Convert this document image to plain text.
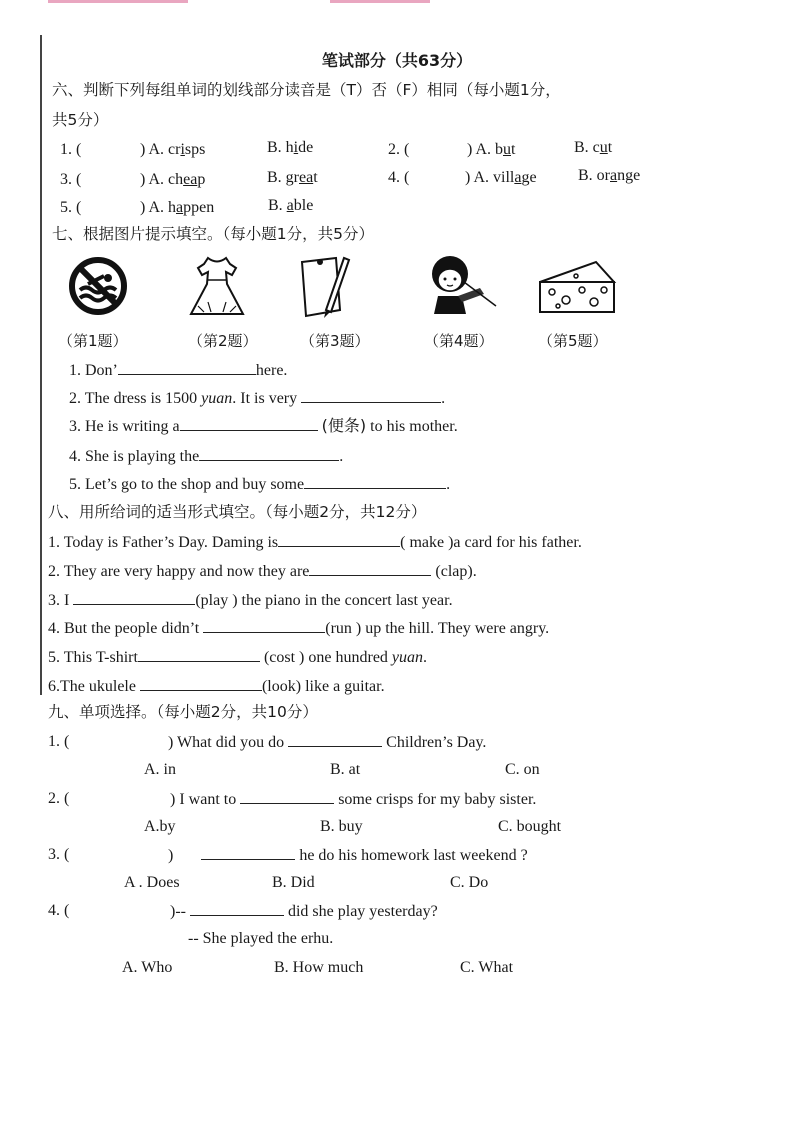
笔试部分（共63分）
六、判断下列每组单词的划线部分读音是（T）否（F）相同（每小题1分，
共5分）
1. (	) A. crisps	B. hide	2. (	) A. but	B. cut
3. (	) A. cheap	B. great	4. (	) A. village	B. orange
5. (	) A. happen	B. able
七、根据图片提示填空。（每小题1分，共5分）
（第1题）	（第2题）	（第3题）	（第4题）	（第5题）
1. Don’	here.
2. The dress is 1500 yuan. It is very	.
3. He is writing a	(便条) to his mother.
4. She is playing the	.
5. Let’s go to the shop and buy some	.
八、用所给词的适当形式填空。（每小题2分，共12分）
1. Today is Father’s Day. Daming is	( make )a card for his father.
2. They are very happy and now they are	(clap).
3. I	(play ) the piano in the concert last year.
4. But the people didn’t	(run ) up the hill. They were angry.
5. This T-shirt	(cost ) one hundred yuan.
6.The ukulele	(look) like a guitar.
九、单项选择。（每小题2分，共10分）
1. (	) What did you do	Children’s Day.
A. in	B. at	C. on
2. (	) I want to	some crisps for my baby sister.
A.by	B. buy	C. bought
3. (	)	he do his homework last weekend ?
A . Does	B. Did	C. Do
4. (	)--	did she play yesterday?
-- She played the erhu.
A. Who	B. How much	C. What
